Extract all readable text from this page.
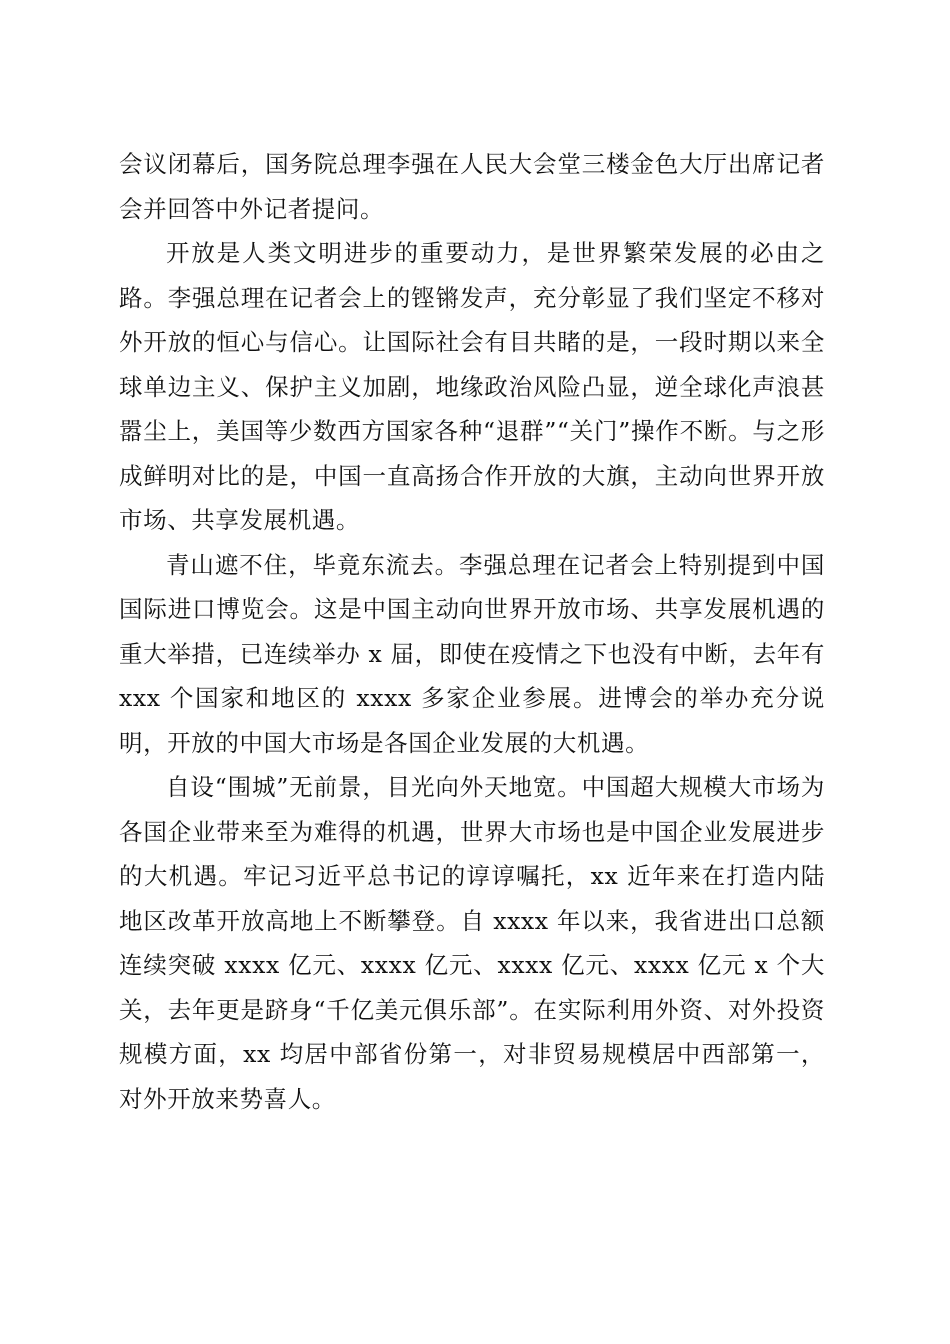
会议闭幕后，国务院总理李强在人民大会堂三楼金色大厅出席记者会并回答中外记者提问。

开放是人类文明进步的重要动力，是世界繁荣发展的必由之路。李强总理在记者会上的铿锵发声，充分彰显了我们坚定不移对外开放的恒心与信心。让国际社会有目共睹的是，一段时期以来全球单边主义、保护主义加剧，地缘政治风险凸显，逆全球化声浪甚嚣尘上，美国等少数西方国家各种“退群”“关门”操作不断。与之形成鲜明对比的是，中国一直高扬合作开放的大旗，主动向世界开放市场、共享发展机遇。

青山遮不住，毕竟东流去。李强总理在记者会上特别提到中国国际进口博览会。这是中国主动向世界开放市场、共享发展机遇的重大举措，已连续举办 x 届，即使在疫情之下也没有中断，去年有 xxx 个国家和地区的 xxxx 多家企业参展。进博会的举办充分说明，开放的中国大市场是各国企业发展的大机遇。

自设“围城”无前景，目光向外天地宽。中国超大规模大市场为各国企业带来至为难得的机遇，世界大市场也是中国企业发展进步的大机遇。牢记习近平总书记的谆谆嘱托，xx 近年来在打造内陆地区改革开放高地上不断攀登。自 xxxx 年以来，我省进出口总额连续突破 xxxx 亿元、xxxx 亿元、xxxx 亿元、xxxx 亿元 x 个大关，去年更是跻身“千亿美元俱乐部”。在实际利用外资、对外投资规模方面，xx 均居中部省份第一，对非贸易规模居中西部第一，对外开放来势喜人。
